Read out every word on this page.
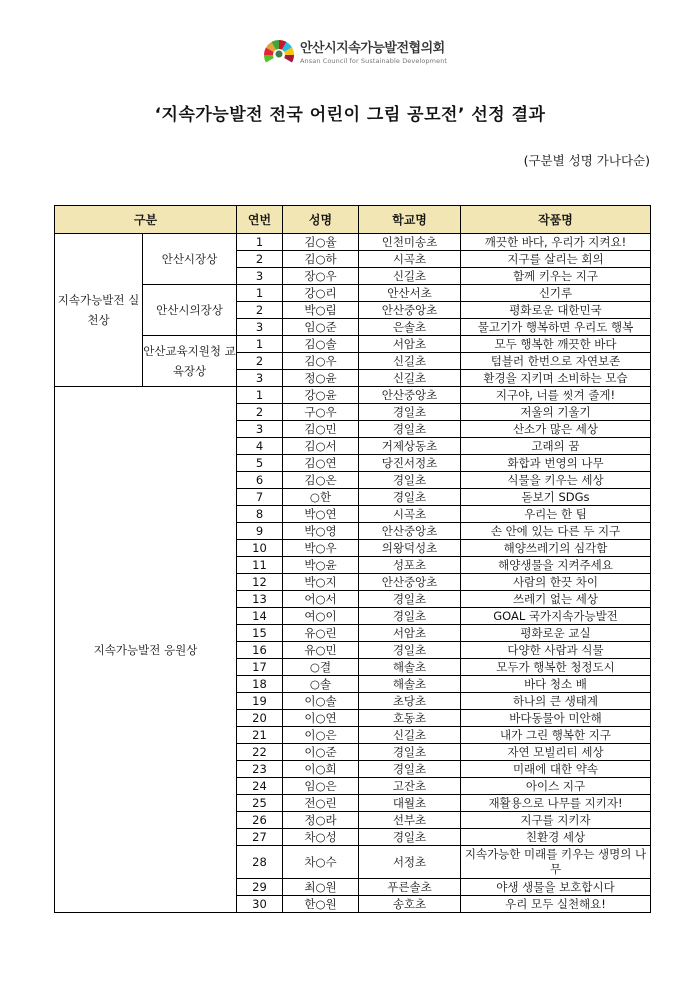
안산시지속가능발전협의회
Ansan Council for Sustainable Development
‘지속가능발전 전국 어린이 그림 공모전’ 선정 결과
(구분별 성명 가나다순)
구분		연번	성명	학교명	작품명
지속가능발전 실천상	안산시장상	1	김○율	인천미송초	깨끗한 바다, 우리가 지켜요!
		2	김○하	시곡초	지구를 살리는 회의
		3	장○우	신길초	함께 키우는 지구
	안산시의장상	1	강○리	안산서초	신기루
		2	박○림	안산중앙초	평화로운 대한민국
		3	임○준	은솔초	물고기가 행복하면 우리도 행복
	안산교육지원청 교육장상	1	김○솔	서암초	모두 행복한 깨끗한 바다
		2	김○우	신길초	텀블러 한번으로 자연보존
		3	정○윤	신길초	환경을 지키며 소비하는 모습
지속가능발전 응원상		1	강○윤	안산중앙초	지구야, 너를 씻겨 줄게!
		2	구○우	경일초	저울의 기울기
		3	김○민	경일초	산소가 많은 세상
		4	김○서	거제상동초	고래의 꿈
		5	김○연	당진서정초	화합과 번영의 나무
		6	김○온	경일초	식물을 키우는 세상
		7	○한	경일초	돋보기 SDGs
		8	박○연	시곡초	우리는 한 팀
		9	박○영	안산중앙초	손 안에 있는 다른 두 지구
		10	박○우	의왕덕성초	해양쓰레기의 심각함
		11	박○윤	성포초	해양생물을 지켜주세요
		12	박○지	안산중앙초	사람의 한끗 차이
		13	어○서	경일초	쓰레기 없는 세상
		14	여○이	경일초	GOAL 국가지속가능발전
		15	유○린	서암초	평화로운 교실
		16	유○민	경일초	다양한 사람과 식물
		17	○결	해솔초	모두가 행복한 청정도시
		18	○솔	해솔초	바다 청소 배
		19	이○솔	초당초	하나의 큰 생태계
		20	이○연	호동초	바다동물아 미안해
		21	이○은	신길초	내가 그린 행복한 지구
		22	이○준	경일초	자연 모빌리티 세상
		23	이○희	경일초	미래에 대한 약속
		24	임○은	고잔초	아이스 지구
		25	전○린	대월초	재활용으로 나무를 지키자!
		26	정○라	선부초	지구를 지키자
		27	차○성	경일초	친환경 세상
		28	차○수	서정초	지속가능한 미래를 키우는 생명의 나무
		29	최○원	푸른솔초	야생 생물을 보호합시다
		30	한○원	송호초	우리 모두 실천해요!
